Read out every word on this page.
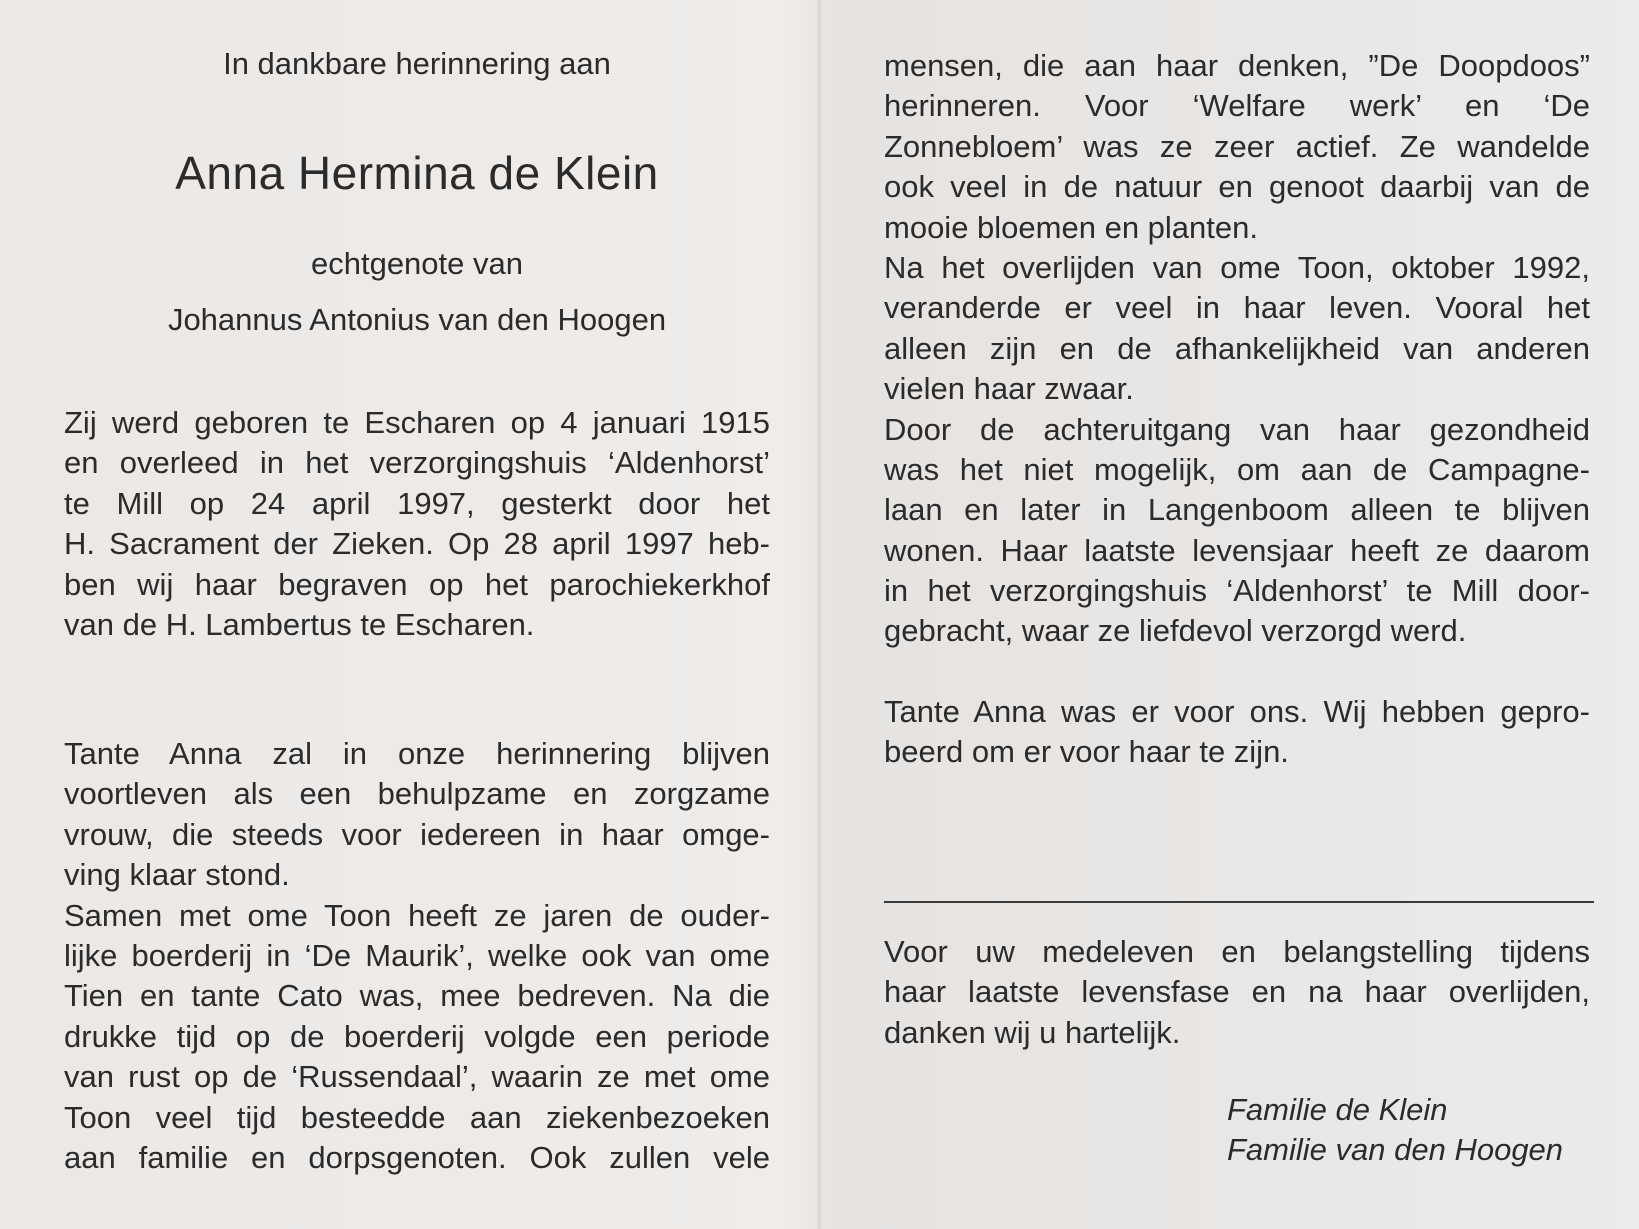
In dankbare herinnering aan
Anna Hermina de Klein
echtgenote van
Johannus Antonius van den Hoogen
Zij werd geboren te Escharen op 4 januari 1915
en overleed in het verzorgingshuis ‘Aldenhorst’
te Mill op 24 april 1997, gesterkt door het
H. Sacrament der Zieken. Op 28 april 1997 heb-
ben wij haar begraven op het parochiekerkhof
van de H. Lambertus te Escharen.
Tante Anna zal in onze herinnering blijven
voortleven als een behulpzame en zorgzame
vrouw, die steeds voor iedereen in haar omge-
ving klaar stond.
Samen met ome Toon heeft ze jaren de ouder-
lijke boerderij in ‘De Maurik’, welke ook van ome
Tien en tante Cato was, mee bedreven. Na die
drukke tijd op de boerderij volgde een periode
van rust op de ‘Russendaal’, waarin ze met ome
Toon veel tijd besteedde aan ziekenbezoeken
aan familie en dorpsgenoten. Ook zullen vele
mensen, die aan haar denken, ”De Doopdoos”
herinneren. Voor ‘Welfare werk’ en ‘De
Zonnebloem’ was ze zeer actief. Ze wandelde
ook veel in de natuur en genoot daarbij van de
mooie bloemen en planten.
Na het overlijden van ome Toon, oktober 1992,
veranderde er veel in haar leven. Vooral het
alleen zijn en de afhankelijkheid van anderen
vielen haar zwaar.
Door de achteruitgang van haar gezondheid
was het niet mogelijk, om aan de Campagne-
laan en later in Langenboom alleen te blijven
wonen. Haar laatste levensjaar heeft ze daarom
in het verzorgingshuis ‘Aldenhorst’ te Mill door-
gebracht, waar ze liefdevol verzorgd werd.
Tante Anna was er voor ons. Wij hebben gepro-
beerd om er voor haar te zijn.
Voor uw medeleven en belangstelling tijdens
haar laatste levensfase en na haar overlijden,
danken wij u hartelijk.
Familie de Klein
Familie van den Hoogen
